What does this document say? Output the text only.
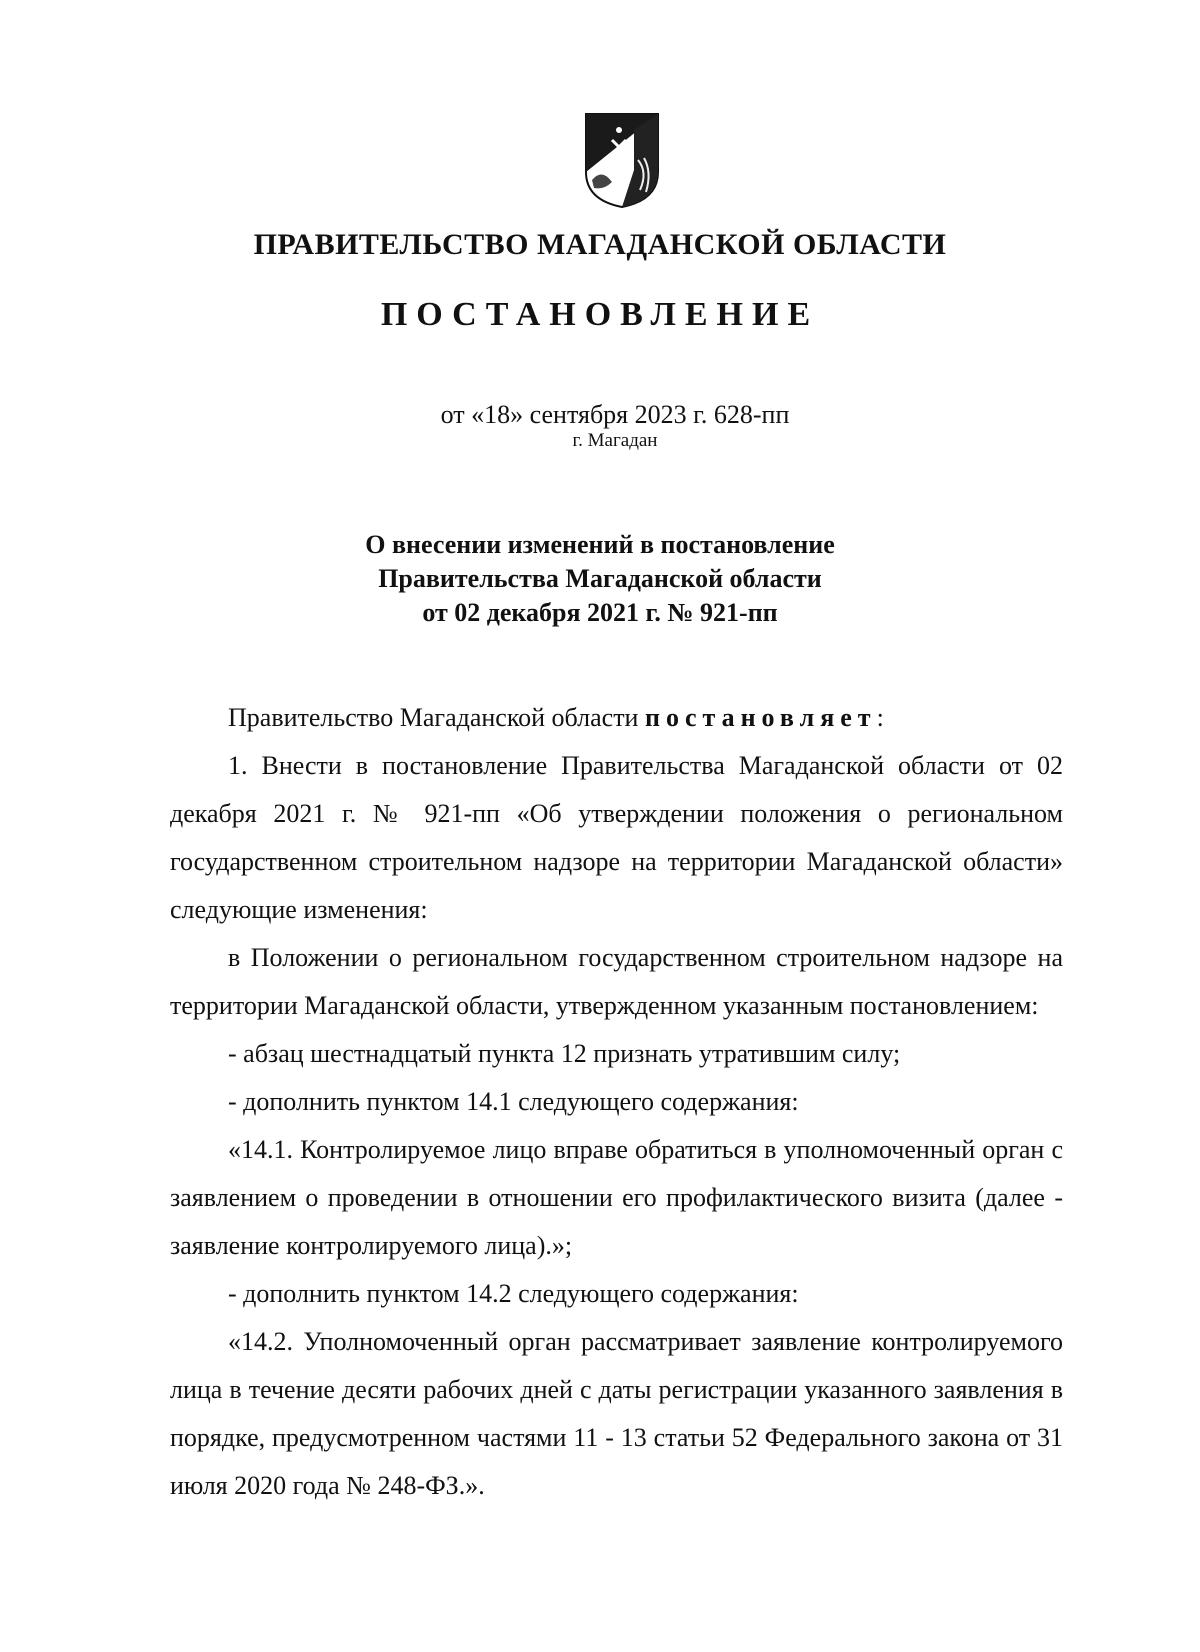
ПРАВИТЕЛЬСТВО МАГАДАНСКОЙ ОБЛАСТИ
ПОСТАНОВЛЕНИЕ
от «18» сентября 2023 г. 628-пп
г. Магадан
О внесении изменений в постановление
Правительства Магаданской области
от 02 декабря 2021 г. № 921-пп

Правительство Магаданской области постановляет:

1. Внести в постановление Правительства Магаданской области от 02 декабря 2021 г. № 921-пп «Об утверждении положения о региональном государственном строительном надзоре на территории Магаданской области» следующие изменения:

в Положении о региональном государственном строительном надзоре на территории Магаданской области, утвержденном указанным постановлением:

- абзац шестнадцатый пункта 12 признать утратившим силу;

- дополнить пунктом 14.1 следующего содержания:

«14.1. Контролируемое лицо вправе обратиться в уполномоченный орган с заявлением о проведении в отношении его профилактического визита (далее - заявление контролируемого лица).»;

- дополнить пунктом 14.2 следующего содержания:

«14.2. Уполномоченный орган рассматривает заявление контролируемого лица в течение десяти рабочих дней с даты регистрации указанного заявления в порядке, предусмотренном частями 11 - 13 статьи 52 Федерального закона от 31 июля 2020 года № 248-ФЗ.».
